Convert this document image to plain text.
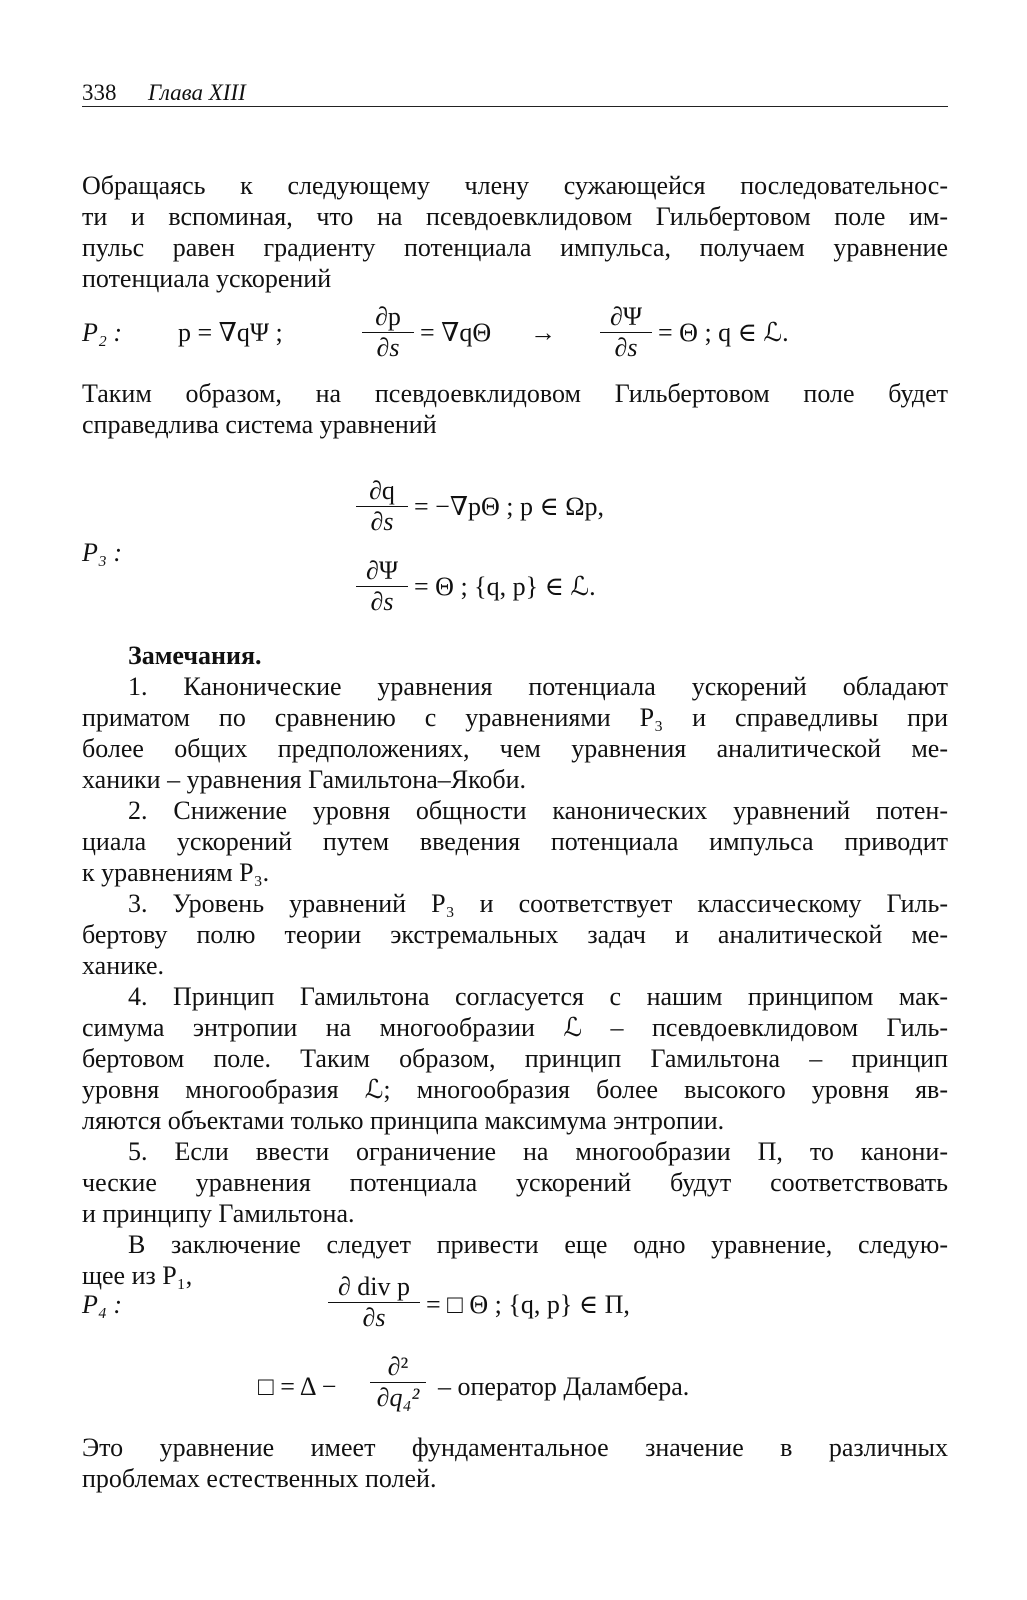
338 Глава XIII
Обращаясь к следующему члену сужающейся последовательнос-
ти и вспоминая, что на псевдоевклидовом Гильбертовом поле им-
пульс равен градиенту потенциала импульса, получаем уравнение
потенциала ускорений
P₂ : p = ∇qΨ ;	$\frac{\partial p}{\partial s} = \nabla q\Theta \to \frac{\partial\Psi}{\partial s} = \Theta$ ; q ∈ ℒ.
Таким образом, на псевдоевклидовом Гильбертовом поле будет
справедлива система уравнений
P₃ :
$\frac{\partial q}{\partial s} = -\nabla p\Theta$ ; p ∈ Ωp,
$\frac{\partial\Psi}{\partial s} = \Theta$ ; {q, p} ∈ ℒ.
Замечания.
1. Канонические уравнения потенциала ускорений обладают
приматом по сравнению с уравнениями P₃ и справедливы при
более общих предположениях, чем уравнения аналитической ме-
ханики – уравнения Гамильтона–Якоби.
2. Снижение уровня общности канонических уравнений потен-
циала ускорений путем введения потенциала импульса приводит
к уравнениям P₃.
3. Уровень уравнений P₃ и соответствует классическому Гиль-
бертову полю теории экстремальных задач и аналитической ме-
ханике.
4. Принцип Гамильтона согласуется с нашим принципом мак-
симума энтропии на многообразии ℒ – псевдоевклидовом Гиль-
бертовом поле. Таким образом, принцип Гамильтона – принцип
уровня многообразия ℒ; многообразия более высокого уровня яв-
ляются объектами только принципа максимума энтропии.
5. Если ввести ограничение на многообразии Π, то канони-
ческие уравнения потенциала ускорений будут соответствовать
и принципу Гамильтона.
В заключение следует привести еще одно уравнение, следую-
щее из P₁,
P₄ :
∂ div p
∂s	= □ Θ ; {q, p} ∈ Π,
□ = Δ −
∂²
∂q₄² – оператор Даламбера.
Это уравнение имеет фундаментальное значение в различных
проблемах естественных полей.
